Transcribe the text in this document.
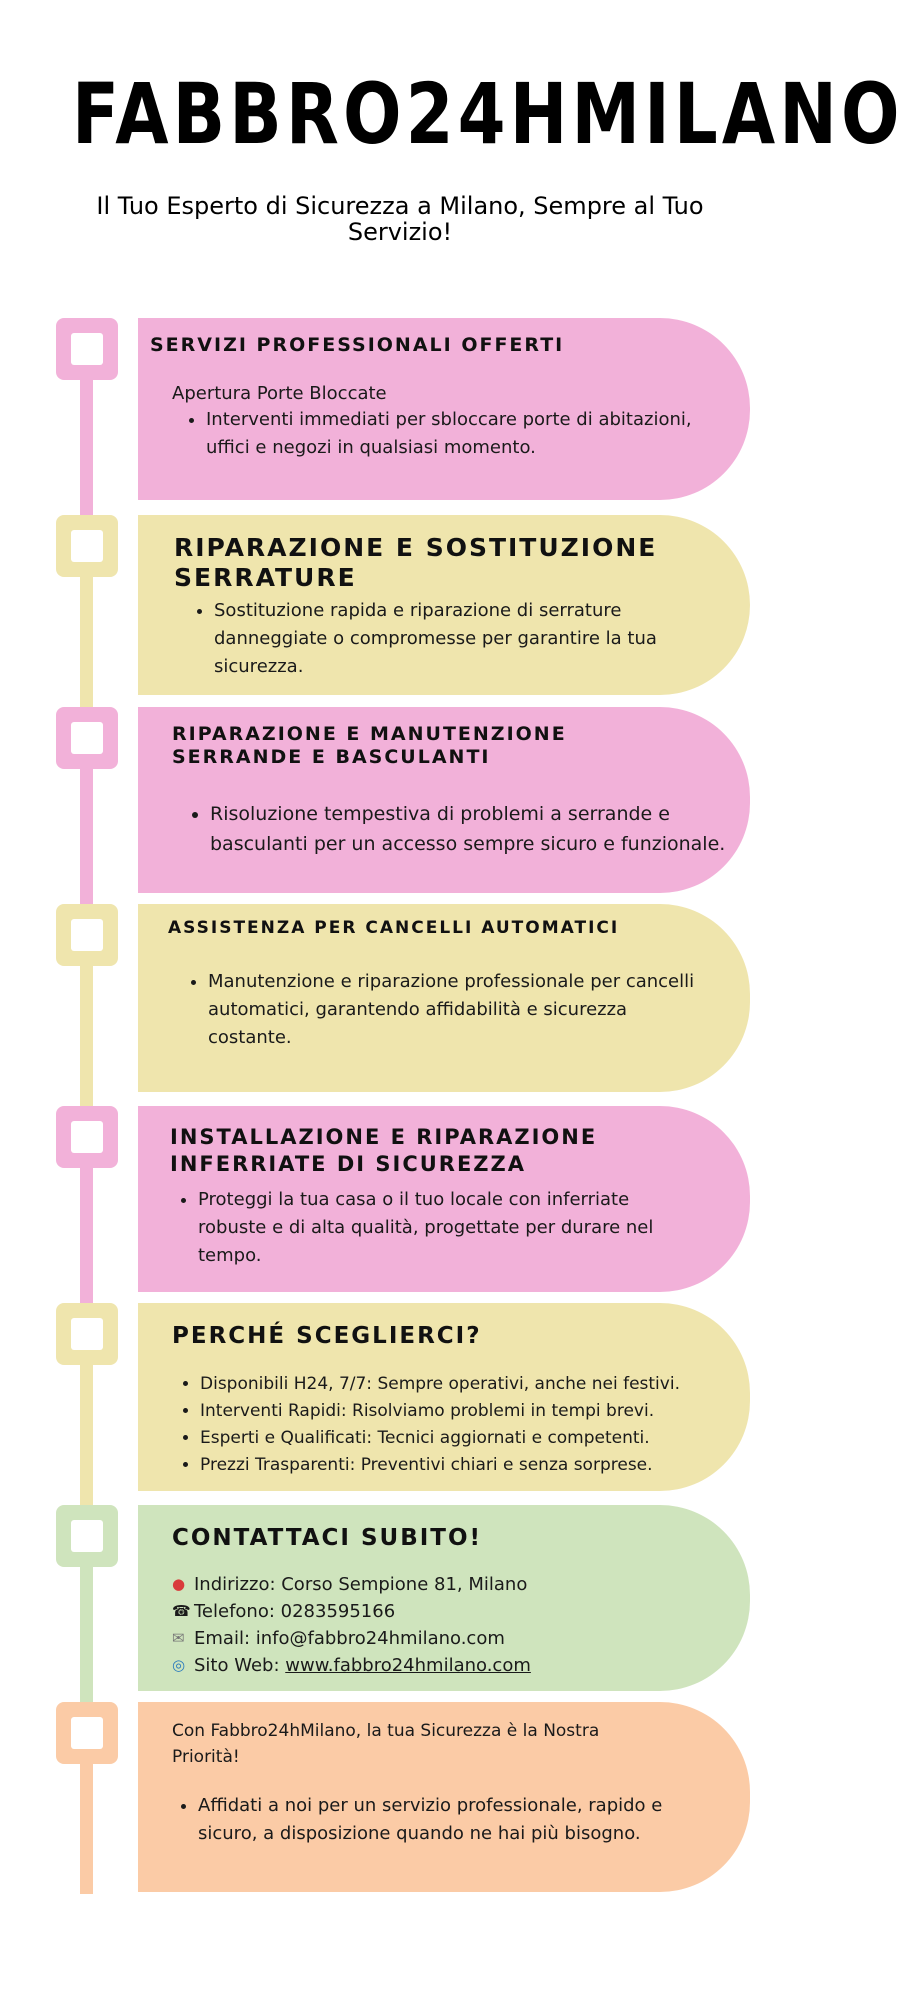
FABBRO24HMILANO
Il Tuo Esperto di Sicurezza a Milano, Sempre al Tuo Servizio!
SERVIZI PROFESSIONALI OFFERTI
Apertura Porte Bloccate
• Interventi immediati per sbloccare porte di abitazioni, uffici e negozi in qualsiasi momento.
RIPARAZIONE E SOSTITUZIONE SERRATURE
• Sostituzione rapida e riparazione di serrature danneggiate o compromesse per garantire la tua sicurezza.
RIPARAZIONE E MANUTENZIONE SERRANDE E BASCULANTI
• Risoluzione tempestiva di problemi a serrande e basculanti per un accesso sempre sicuro e funzionale.
ASSISTENZA PER CANCELLI AUTOMATICI
• Manutenzione e riparazione professionale per cancelli automatici, garantendo affidabilità e sicurezza costante.
INSTALLAZIONE E RIPARAZIONE INFERRIATE DI SICUREZZA
• Proteggi la tua casa o il tuo locale con inferriate robuste e di alta qualità, progettate per durare nel tempo.
PERCHÉ SCEGLIERCI?
• Disponibili H24, 7/7: Sempre operativi, anche nei festivi.
• Interventi Rapidi: Risolviamo problemi in tempi brevi.
• Esperti e Qualificati: Tecnici aggiornati e competenti.
• Prezzi Trasparenti: Preventivi chiari e senza sorprese.
CONTATTACI SUBITO!
● Indirizzo: Corso Sempione 81, Milano
☎ Telefono: 0283595166
✉ Email: info@fabbro24hmilano.com
◎ Sito Web: www.fabbro24hmilano.com
Con Fabbro24hMilano, la tua Sicurezza è la Nostra Priorità!
• Affidati a noi per un servizio professionale, rapido e sicuro, a disposizione quando ne hai più bisogno.
